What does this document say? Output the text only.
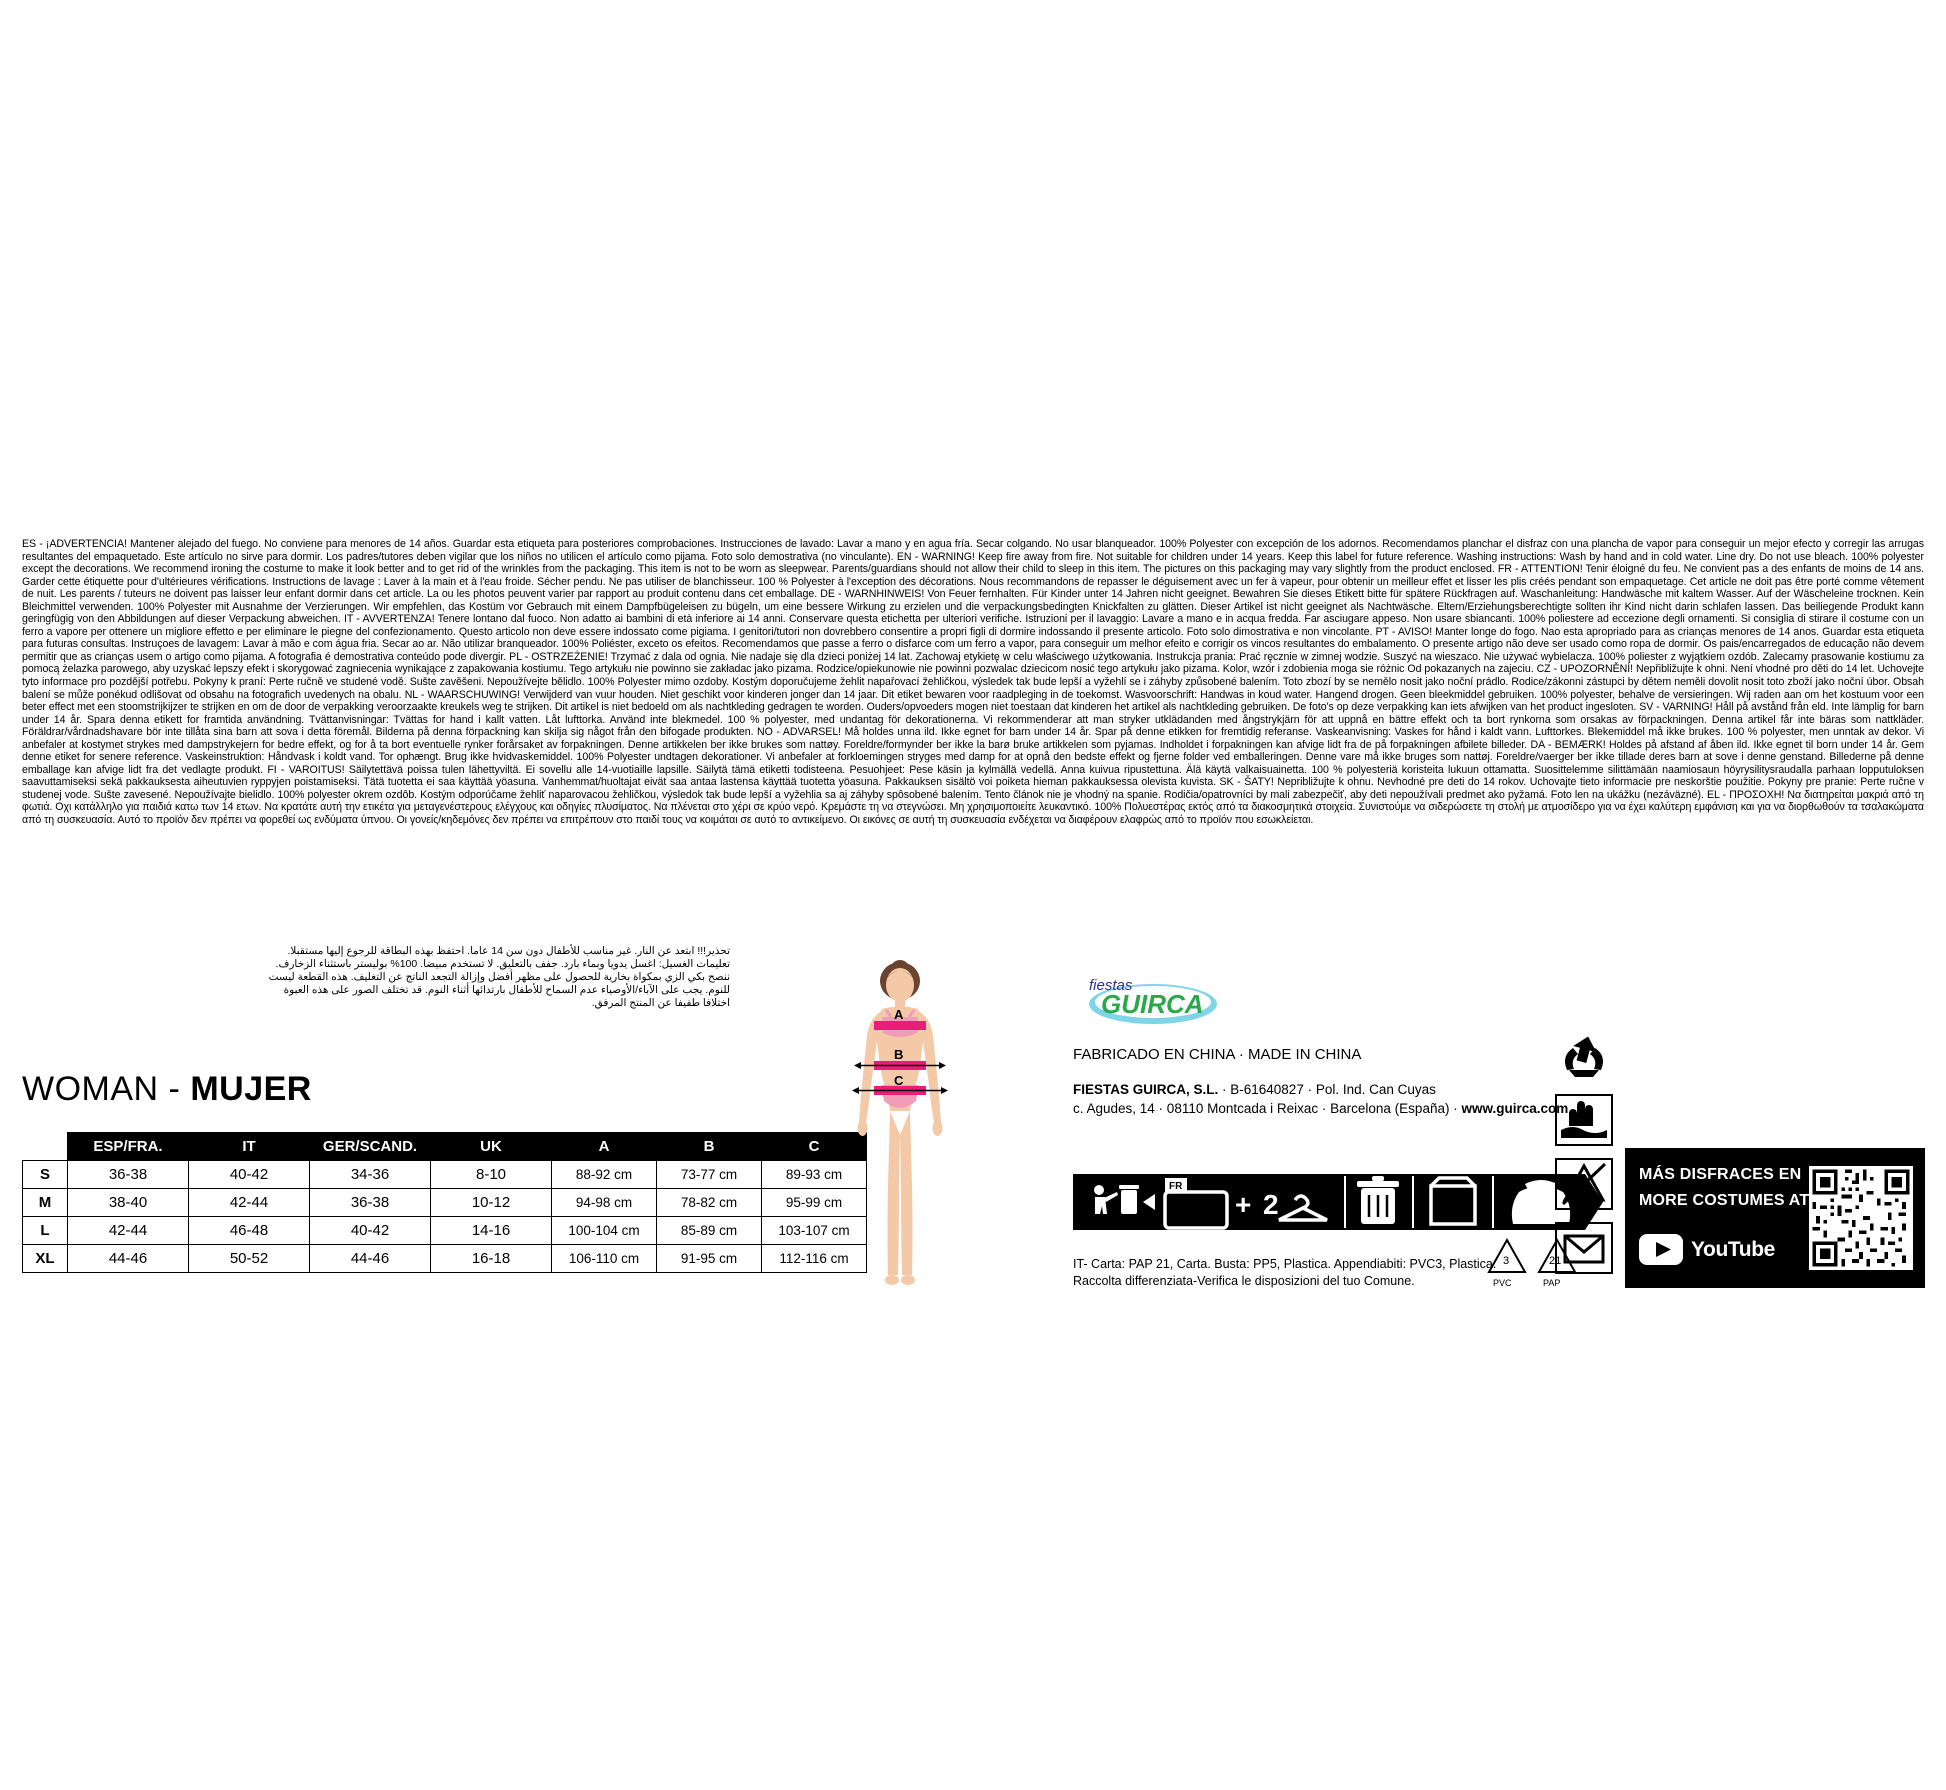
ES - ¡ADVERTENCIA! Mantener alejado del fuego. No conviene para menores de 14 años. Guardar esta etiqueta para posteriores comprobaciones. Instrucciones de lavado: Lavar a mano y en agua fría. Secar colgando. No usar blanqueador. 100% Polyester con excepción de los adornos. Recomendamos planchar el disfraz con una plancha de vapor para conseguir un mejor efecto y corregir las arrugas resultantes del empaquetado. Este artículo no sirve para dormir. Los padres/tutores deben vigilar que los niños no utilicen el artículo como pijama. Foto solo demostrativa (no vinculante). EN - WARNING! Keep fire away from fire. Not suitable for children under 14 years. Keep this label for future reference. Washing instructions: Wash by hand and in cold water. Line dry. Do not use bleach. 100% polyester except the decorations. We recommend ironing the costume to make it look better and to get rid of the wrinkles from the packaging. This item is not to be worn as sleepwear. Parents/guardians should not allow their child to sleep in this item. The pictures on this packaging may vary slightly from the product enclosed. FR - ATTENTION! Tenir éloigné du feu. Ne convient pas a des enfants de moins de 14 ans. Garder cette étiquette pour d'ultérieures vérifications. Instructions de lavage : Laver à la main et à l'eau froide. Sécher pendu. Ne pas utiliser de blanchisseur. 100 % Polyester à l'exception des décorations. Nous recommandons de repasser le déguisement avec un fer à vapeur, pour obtenir un meilleur effet et lisser les plis créés pendant son empaquetage. Cet article ne doit pas être porté comme vêtement de nuit. Les parents / tuteurs ne doivent pas laisser leur enfant dormir dans cet article. La ou les photos peuvent varier par rapport au produit contenu dans cet emballage. DE - WARNHINWEIS! Von Feuer fernhalten. Für Kinder unter 14 Jahren nicht geeignet. Bewahren Sie dieses Etikett bitte für spätere Rückfragen auf. Waschanleitung: Handwäsche mit kaltem Wasser. Auf der Wäscheleine trocknen. Kein Bleichmittel verwenden. 100% Polyester mit Ausnahme der Verzierungen. Wir empfehlen, das Kostüm vor Gebrauch mit einem Dampfbügeleisen zu bügeln, um eine bessere Wirkung zu erzielen und die verpackungsbedingten Knickfalten zu glätten. Dieser Artikel ist nicht geeignet als Nachtwäsche. Eltern/Erziehungsberechtigte sollten ihr Kind nicht darin schlafen lassen. Das beiliegende Produkt kann geringfügig von den Abbildungen auf dieser Verpackung abweichen. IT - AVVERTENZA! Tenere lontano dal fuoco. Non adatto ai bambini di età inferiore ai 14 anni. Conservare questa etichetta per ulteriori verifiche. Istruzioni per il lavaggio: Lavare a mano e in acqua fredda. Far asciugare appeso. Non usare sbiancanti. 100% poliestere ad eccezione degli ornamenti. Si consiglia di stirare il costume con un ferro a vapore per ottenere un migliore effetto e per eliminare le piegne del confezionamento. Questo articolo non deve essere indossato come pigiama. I genitori/tutori non dovrebbero consentire a propri figli di dormire indossando il presente articolo. Foto solo dimostrativa e non vincolante. PT - AVISO! Manter longe do fogo. Nao esta apropriado para as crianças menores de 14 anos. Guardar esta etiqueta para futuras consultas. Instruçoes de lavagem: Lavar à mão e com água fria. Secar ao ar. Não utilizar branqueador. 100% Poliéster, exceto os efeitos. Recomendamos que passe a ferro o disfarce com um ferro a vapor, para conseguir um melhor efeito e corrigir os vincos resultantes do embalamento. O presente artigo não deve ser usado como ropa de dormir. Os pais/encarregados de educação não devem permitir que as crianças usem o artigo como pijama. A fotografia é demostrativa conteúdo pode divergir. PL - OSTRZEŻENIE! Trzymać z dala od ognia. Nie nadaje się dla dzieci poniżej 14 lat. Zachowaj etykietę w celu właściwego użytkowania. Instrukcja prania: Prać ręcznie w zimnej wodzie. Suszyć na wieszaco. Nie używać wybielacza. 100% poliester z wyjątkiem ozdób. Zalecamy prasowanie kostiumu za pomocą żelazka parowego, aby uzyskać lepszy efekt i skorygować zagniecenia wynikające z zapakowania kostiumu. Tego artykułu nie powinno sie zakładac jako pizama. Rodzice/opiekunowie nie powinni pozwalac dziecicom nosić tego artykułu jako pizama. Kolor, wzór i zdobienia moga sie różnic Od pokazanych na zajeciu. CZ - UPOZORNĚNÍ! Nepřibližujte k ohni. Není vhodné pro děti do 14 let. Uchovejte tyto informace pro pozdější potřebu. Pokyny k praní: Perte ručně ve studené vodě. Sušte zavěšeni. Nepoužívejte bělidlo. 100% Polyester mimo ozdoby. Kostým doporučujeme žehlit napařovací žehličkou, výsledek tak bude lepší a vyžehlí se i záhyby způsobené balením. Toto zbozí by se nemělo nosit jako noční prádlo. Rodice/zákonni zástupci by dětem neměli dovolit nosit toto zboží jako noční úbor. Obsah balení se může ponékud odlišovat od obsahu na fotografich uvedenych na obalu. NL - WAARSCHUWING! Verwijderd van vuur houden. Niet geschikt voor kinderen jonger dan 14 jaar. Dit etiket bewaren voor raadpleging in de toekomst. Wasvoorschrift: Handwas in koud water. Hangend drogen. Geen bleekmiddel gebruiken. 100% polyester, behalve de versieringen. Wij raden aan om het kostuum voor een beter effect met een stoomstrijkijzer te strijken en om de door de verpakking veroorzaakte kreukels weg te strijken. Dit artikel is niet bedoeld om als nachtkleding gedragen te worden. Ouders/opvoeders mogen niet toestaan dat kinderen het artikel als nachtkleding gebruiken. De foto's op deze verpakking kan iets afwijken van het product ingesloten. SV - VARNING! Håll på avstånd från eld. Inte lämplig for barn under 14 år. Spara denna etikett for framtida användning. Tvättanvisningar: Tvättas for hand i kallt vatten. Låt lufttorka. Använd inte blekmedel. 100 % polyester, med undantag för dekorationerna. Vi rekommenderar att man stryker utklädanden med ångstrykjärn för att uppnå en bättre effekt och ta bort rynkorna som orsakas av förpackningen. Denna artikel får inte bäras som nattkläder. Föräldrar/vårdnadshavare bör inte tillåta sina barn att sova i detta föremål. Bilderna på denna förpackning kan skilja sig något från den bifogade produkten. NO - ADVARSEL! Må holdes unna ild. Ikke egnet for barn under 14 år. Spar på denne etikken for fremtidig referanse. Vaskeanvisning: Vaskes for hånd i kaldt vann. Lufttorkes. Blekemiddel må ikke brukes. 100 % polyester, men unntak av dekor. Vi anbefaler at kostymet strykes med dampstrykejern for bedre effekt, og for å ta bort eventuelle rynker forårsaket av forpakningen. Denne artikkelen ber ikke brukes som nattøy. Foreldre/formynder ber ikke la barø bruke artikkelen som pyjamas. Indholdet i forpakningen kan afvige lidt fra de på forpakningen afbilete billeder. DA - BEMÆRK! Holdes på afstand af åben ild. Ikke egnet til born under 14 år. Gem denne etiket for senere reference. Vaskeinstruktion: Håndvask i koldt vand. Tor ophængt. Brug ikke hvidvaskemiddel. 100% Polyester undtagen dekorationer. Vi anbefaler at forkloemingen stryges med damp for at opnå den bedste effekt og fjerne folder ved emballeringen. Denne vare må ikke bruges som nattøj. Foreldre/vaerger ber ikke tillade deres barn at sove i denne genstand. Billederne på denne emballage kan afvige lidt fra det vedlagte produkt. FI - VAROITUS! Säilytettävä poissa tulen lähettyviltä. Ei sovellu alle 14-vuotiaille lapsille. Säilytä tämä etiketti todisteena. Pesuohjeet: Pese käsin ja kylmällä vedellä. Anna kuivua ripustettuna. Älä käytä valkaisuainetta. 100 % polyesteriä koristeita lukuun ottamatta. Suosittelemme silittämään naamiosaun höyrysilitysraudalla parhaan lopputuloksen saavuttamiseksi sekä pakkauksesta aiheutuvien ryppyjen poistamiseksi. Tätä tuotetta ei saa käyttää yöasuna. Vanhemmat/huoltajat eivät saa antaa lastensa käyttää tuotetta yöasuna. Pakkauksen sisältö voi poiketa hieman pakkauksessa olevista kuvista. SK - ŠATY! Nepribližujte k ohnu. Nevhodné pre deti do 14 rokov. Uchovajte tieto informacie pre neskorštie použitie. Pokyny pre pranie: Perte ručne v studenej vode. Sušte zavesené. Nepoužívajte bielidlo. 100% polyester okrem ozdôb. Kostým odporúčame žehliť naparovacou žehličkou, výsledok tak bude lepší a vyžehlia sa aj záhyby spôsobené balením. Tento článok nie je vhodný na spanie. Rodičia/opatrovníci by mali zabezpečiť, aby deti nepoužívali predmet ako pyžamá. Foto len na ukážku (nezáväzné). EL - ΠΡΟΣΟΧΗ! Να διατηρείται μακριά από τη φωτιά. Οχι κατάλληλο για παιδιά κατω των 14 ετων. Να κρατάτε αυτή την ετικέτα για μεταγενέστερους ελέγχους και οδηγίες πλυσίματος. Να πλένεται στο χέρι σε κρύο νερό. Κρεμάστε τη να στεγνώσει. Μη χρησιμοποιείτε λευκαντικό. 100% Πολυεστέρας εκτός από τα διακοσμητικά στοιχεία. Συνιστούμε να σιδερώσετε τη στολή με ατμοσίδερο για να έχει καλύτερη εμφάνιση και για να διορθωθούν τα τσαλακώματα από τη συσκευασία. Αυτό το προϊόν δεν πρέπει να φορεθεί ως ενδύματα ύπνου. Οι γονείς/κηδεμόνες δεν πρέπει να επιτρέπουν στο παιδί τους να κοιμάται σε αυτό το αντικείμενο. Οι εικόνες σε αυτή τη συσκευασία ενδέχεται να διαφέρουν ελαφρώς από το προϊόν που εσωκλείεται.
تحذير!!! ابتعد عن النار. غير مناسب للأطفال دون سن 14 عاما. احتفظ بهذه البطاقة للرجوع إليها مستقبلا.
تعليمات الغسيل: اغسل يدويا وبماء بارد. جفف بالتعليق. لا تستخدم مبيضا. 100% بوليستر باستثناء الزخارف.
ننصح بكي الزي بمكواة بخارية للحصول على مظهر أفضل وإزالة التجعد الناتج عن التغليف. هذه القطعة ليست
للنوم. يجب على الآباء/الأوصياء عدم السماح للأطفال بارتدائها أثناء النوم. قد تختلف الصور على هذه العبوة
اختلافا طفيفا عن المنتج المرفق.
WOMAN - MUJER
	ESP/FRA.	IT	GER/SCAND.	UK	A	B	C
S	36-38	40-42	34-36	8-10	88-92 cm	73-77 cm	89-93 cm
M	38-40	42-44	36-38	10-12	94-98 cm	78-82 cm	95-99 cm
L	42-44	46-48	40-42	14-16	100-104 cm	85-89 cm	103-107 cm
XL	44-46	50-52	44-46	16-18	106-110 cm	91-95 cm	112-116 cm
A
B
C
fiestas
GUIRCA
FABRICADO EN CHINA · MADE IN CHINA
FIESTAS GUIRCA, S.L. · B-61640827 · Pol. Ind. Can Cuyas
c. Agudes, 14 · 08110 Montcada i Reixac · Barcelona (España) · www.guirca.com
FR
+ 2
IT- Carta: PAP 21, Carta. Busta: PP5, Plastica. Appendiabiti: PVC3, Plastica.
Raccolta differenziata-Verifica le disposizioni del tuo Comune.
3
PVC
21
PAP
MÁS DISFRACES EN
MORE COSTUMES AT
YouTube
